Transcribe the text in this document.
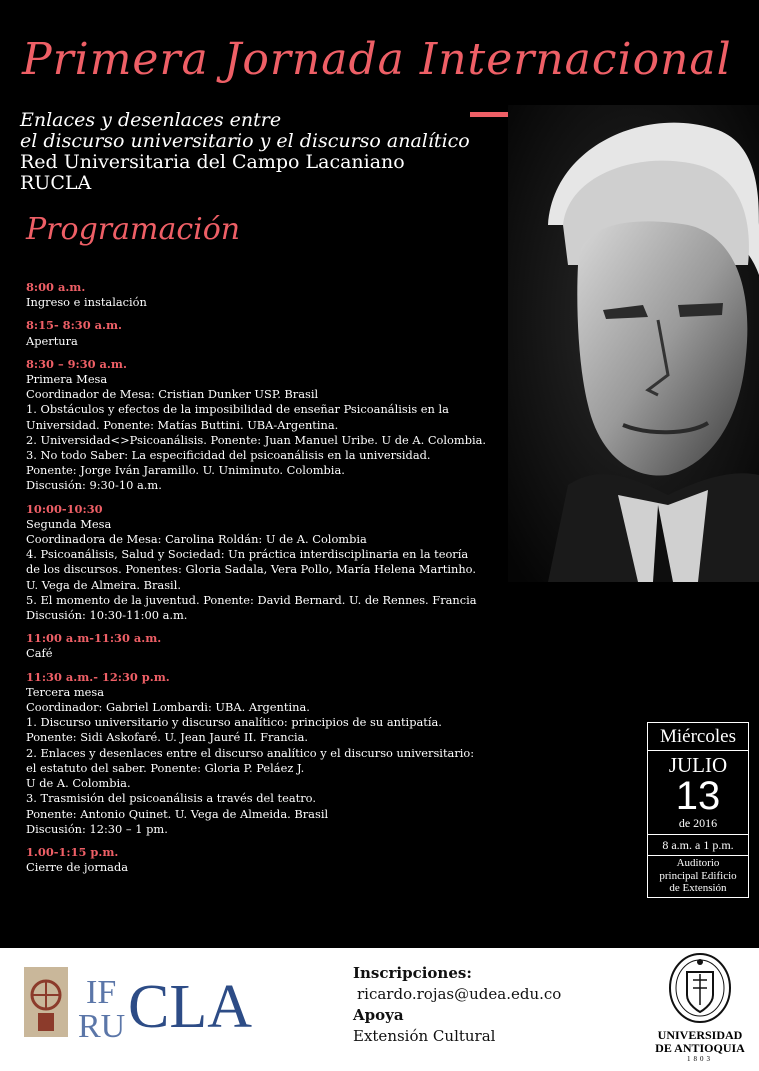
Primera Jornada Internacional
Enlaces y desenlaces entre
el discurso universitario y el discurso analítico
Red Universitaria del Campo Lacaniano
RUCLA
Programación
8:00 a.m.
Ingreso e instalación
8:15- 8:30 a.m.
Apertura
8:30 – 9:30 a.m.
Primera Mesa
Coordinador de Mesa: Cristian Dunker USP. Brasil
1. Obstáculos y efectos de la imposibilidad de enseñar Psicoanálisis en la
Universidad. Ponente: Matías Buttini. UBA-Argentina.
2. Universidad<>Psicoanálisis. Ponente: Juan Manuel Uribe. U de A. Colombia.
3. No todo Saber: La especificidad del psicoanálisis en la universidad.
Ponente: Jorge Iván Jaramillo. U. Uniminuto. Colombia.
Discusión: 9:30-10 a.m.
10:00-10:30
Segunda Mesa
Coordinadora de Mesa: Carolina Roldán: U de A. Colombia
4. Psicoanálisis, Salud y Sociedad: Un práctica interdisciplinaria en la teoría
de los discursos. Ponentes: Gloria Sadala, Vera Pollo, María Helena Martinho.
U. Vega de Almeira. Brasil.
5. El momento de la juventud. Ponente: David Bernard. U. de Rennes. Francia
Discusión: 10:30-11:00 a.m.
11:00 a.m-11:30 a.m.
Café
11:30 a.m.- 12:30 p.m.
Tercera mesa
Coordinador: Gabriel Lombardi: UBA. Argentina.
1. Discurso universitario y discurso analítico: principios de su antipatía.
Ponente: Sidi Askofaré. U. Jean Jauré II. Francia.
2. Enlaces y desenlaces entre el discurso analítico y el discurso universitario:
el estatuto del saber. Ponente: Gloria P. Peláez J.
U de A. Colombia.
3. Trasmisión del psicoanálisis a través del teatro.
Ponente: Antonio Quinet. U. Vega de Almeida. Brasil
Discusión: 12:30 – 1 pm.
1.00-1:15 p.m.
Cierre de jornada
Miércoles
JULIO
13
de 2016
8 a.m. a 1 p.m.
Auditorio
principal Edificio
de Extensión
IF
RU CLA	Inscripciones:
ricardo.rojas@udea.edu.co
Apoya
Extensión Cultural	UNIVERSIDAD
DE ANTIOQUIA
1803
